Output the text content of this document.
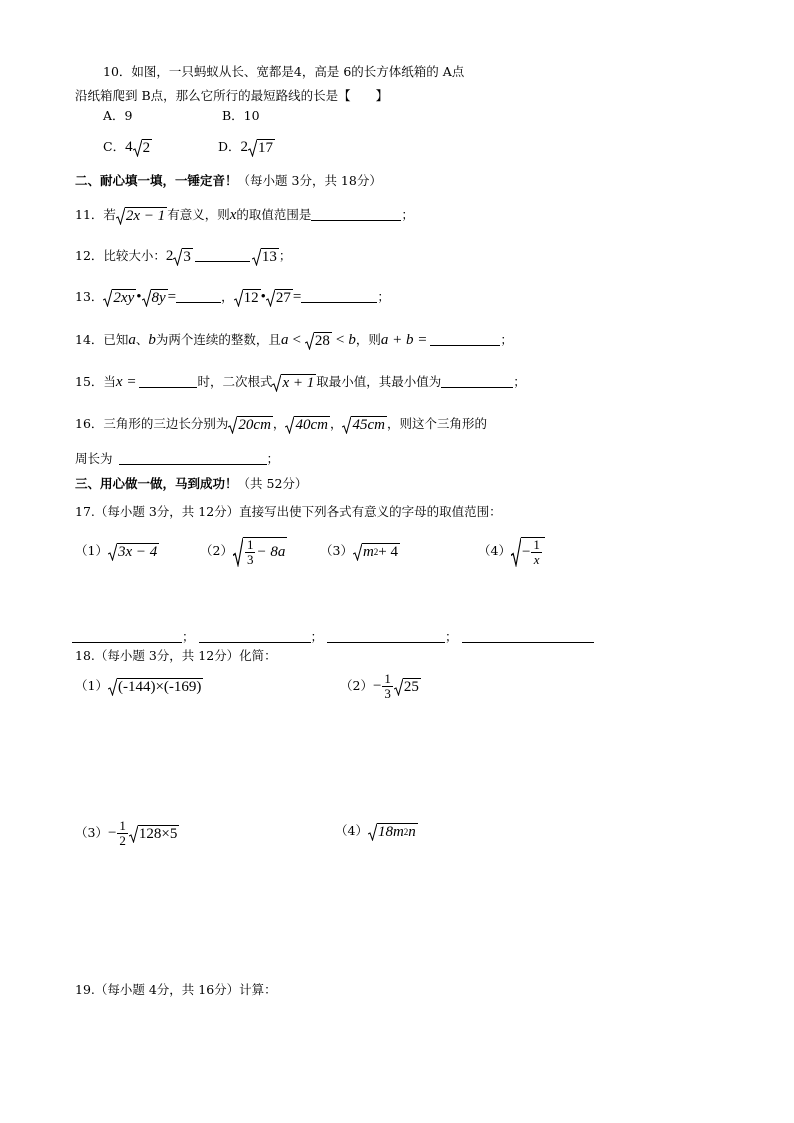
10．如图，一只蚂蚁从长、宽都是4，高是 6的长方体纸箱的 A点
沿纸箱爬到 B点，那么它所行的最短路线的长是【　　】
A．9	B．10
C．4 2	D．2 17
二、耐心填一填，一锤定音！（每小题 3分，共 18分）
11．若 2x − 1 有意义，则x的取值范围是	；
12．比较大小：2 3	13 ；
13． 2xy • 8y =	， 12 • 27 =	；
14．已知a、b为两个连续的整数，且a < 28 < b，则a + b =	；
15．当x =	时，二次根式 x + 1 取最小值，其最小值为	；
16．三角形的三边长分别为 20cm ， 40cm ， 45cm ，则这个三角形的
周长为	；
三、用心做一做，马到成功！（共 52分）
17.（每小题 3分，共 12分）直接写出使下列各式有意义的字母的取值范围：
（1） 3x − 4	$(2) \frac{1}{3} - 8a$	（3） m 2 + 4	$(4) - \frac{1}{x}$
；	；	；
18.（每小题 3分，共 12分）化简：
（1） (-144)×(-169)	$(2)- \frac{1}{3} 25$
$(3)- \frac{1}{2} 128\times 5$	（4） 18m 2 n
19.（每小题 4分，共 16分）计算：
